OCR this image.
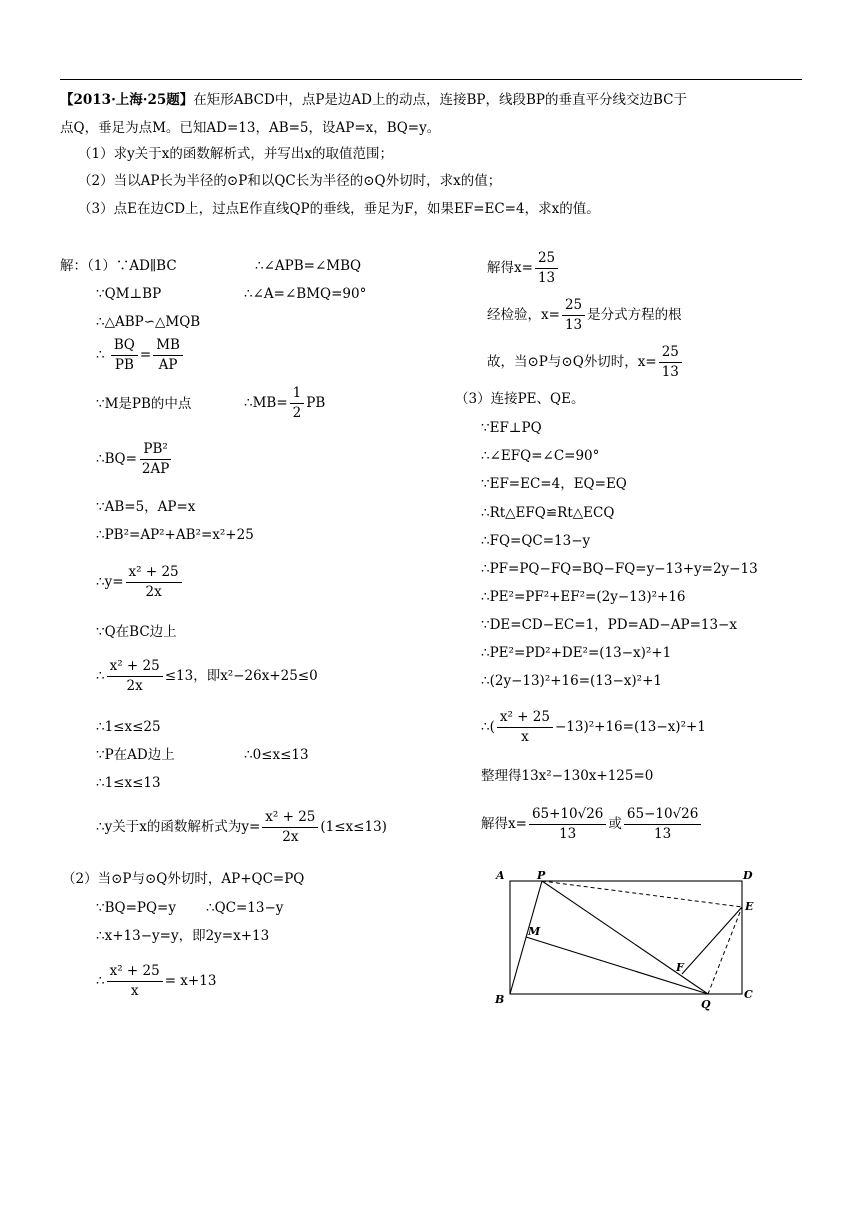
【2013·上海·25题】在矩形ABCD中，点P是边AD上的动点，连接BP，线段BP的垂直平分线交边BC于
点Q，垂足为点M。已知AD=13，AB=5，设AP=x，BQ=y。
（1）求y关于x的函数解析式，并写出x的取值范围；
（2）当以AP长为半径的⊙P和以QC长为半径的⊙Q外切时，求x的值；
（3）点E在边CD上，过点E作直线QP的垂线，垂足为F，如果EF=EC=4，求x的值。
解：（1）∵AD∥BC	∴∠APB=∠MBQ
∵QM⊥BP	∴∠A=∠BMQ=90°
∴△ABP∽△MQB
∴ $\frac{BQ}{PB} = \frac{MB}{AP}$
∵M是PB的中点	∴MB= $\frac{1}{2}$ PB
∴BQ= $\frac{\text{PB²}}{2AP}$
∵AB=5，AP=x
∴PB²=AP²+AB²=x²+25
∴y= $\frac{\text{x² + 25}}{2x}$
∵Q在BC边上
∴ $\frac{\text{x² + 25}}{2x} \le 13$，即x²−26x+25≤0
∴1≤x≤25
∵P在AD边上	∴0≤x≤13
∴1≤x≤13
∴y关于x的函数解析式为$y= \frac{\text{x² + 25}}{2x} (1\le x\le 13)$
（2）当⊙P与⊙Q外切时，AP+QC=PQ
∵BQ=PQ=y ∴QC=13−y
∴x+13−y=y，即2y=x+13
∴ $\frac{\text{x² + 25}}{x} = x+13$
解得$x= \frac{25}{13}$
经检验，$x= \frac{25}{13}$ 是分式方程的根
故，当⊙P与⊙Q外切时，$x= \frac{25}{13}$
（3）连接PE、QE。
∵EF⊥PQ
∴∠EFQ=∠C=90°
∵EF=EC=4，EQ=EQ
∴Rt△EFQ≌Rt△ECQ
∴FQ=QC=13−y
∴PF=PQ−FQ=BQ−FQ=y−13+y=2y−13
∴PE²=PF²+EF²=(2y−13)²+16
∵DE=CD−EC=1，PD=AD−AP=13−x
∴PE²=PD²+DE²=(13−x)²+1
∴(2y−13)²+16=(13−x)²+1
∴( $\frac{\text{x² + 25}}{x} -13)^2+16=(13-x)^2+1$
整理得13x²−130x+125=0
解得$x= \frac{65+10√26}{13}$ 或 $\frac{65-10√26}{13}$
A	P	D
E
M
F
B	Q
C
